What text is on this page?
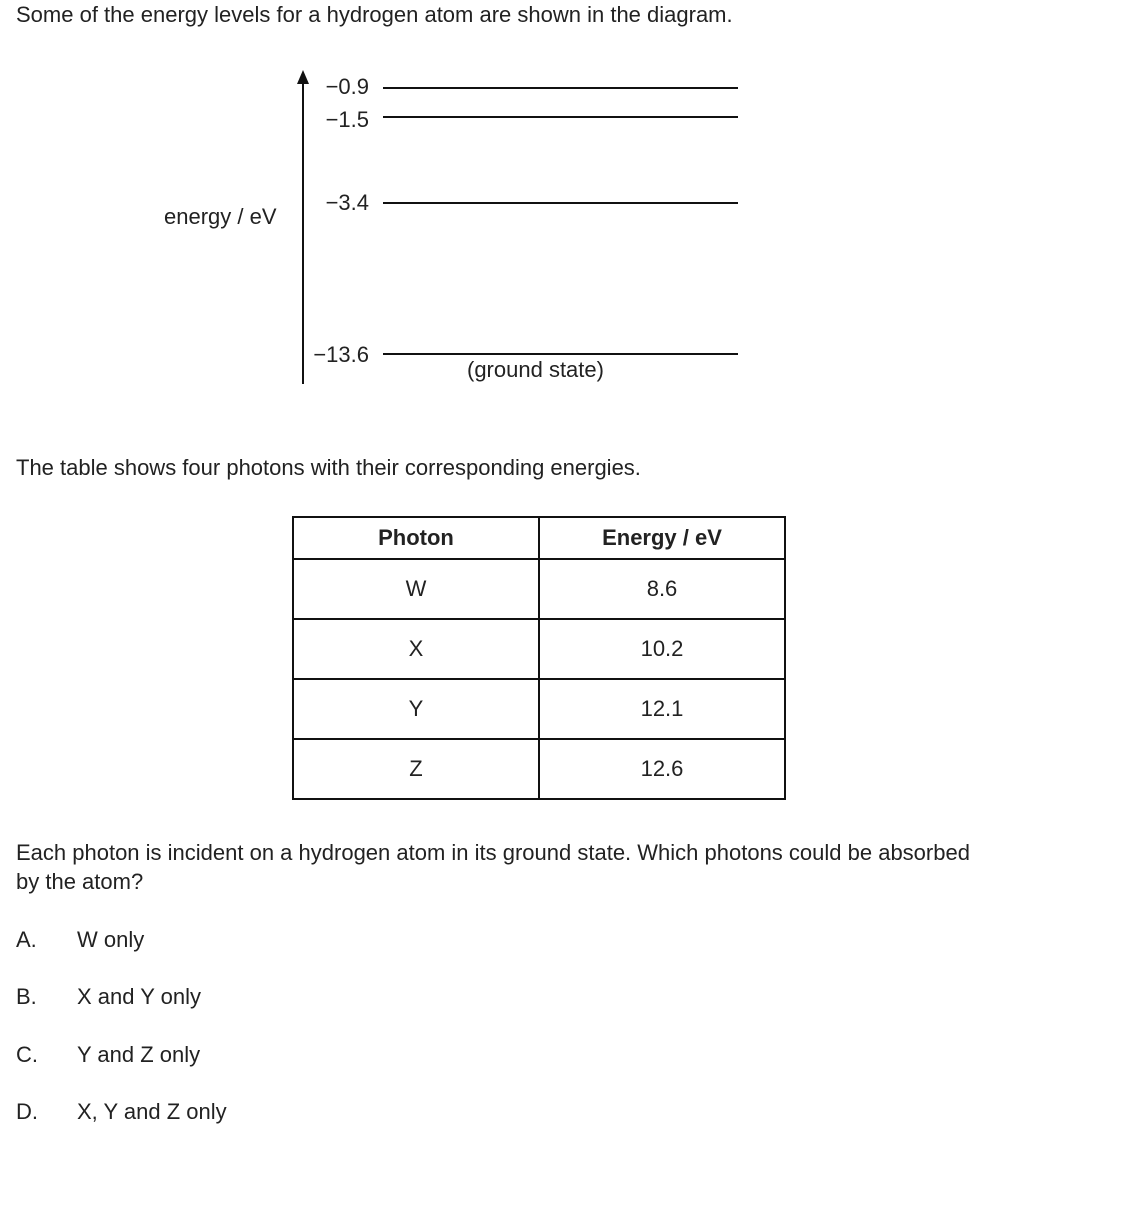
Some of the energy levels for a hydrogen atom are shown in the diagram.
energy / eV
−0.9
−1.5
−3.4
−13.6
(ground state)
The table shows four photons with their corresponding energies.
Photon	Energy / eV
W	8.6
X	10.2
Y	12.1
Z	12.6
Each photon is incident on a hydrogen atom in its ground state. Which photons could be absorbed
by the atom?
A. W only
B. X and Y only
C. Y and Z only
D. X, Y and Z only
